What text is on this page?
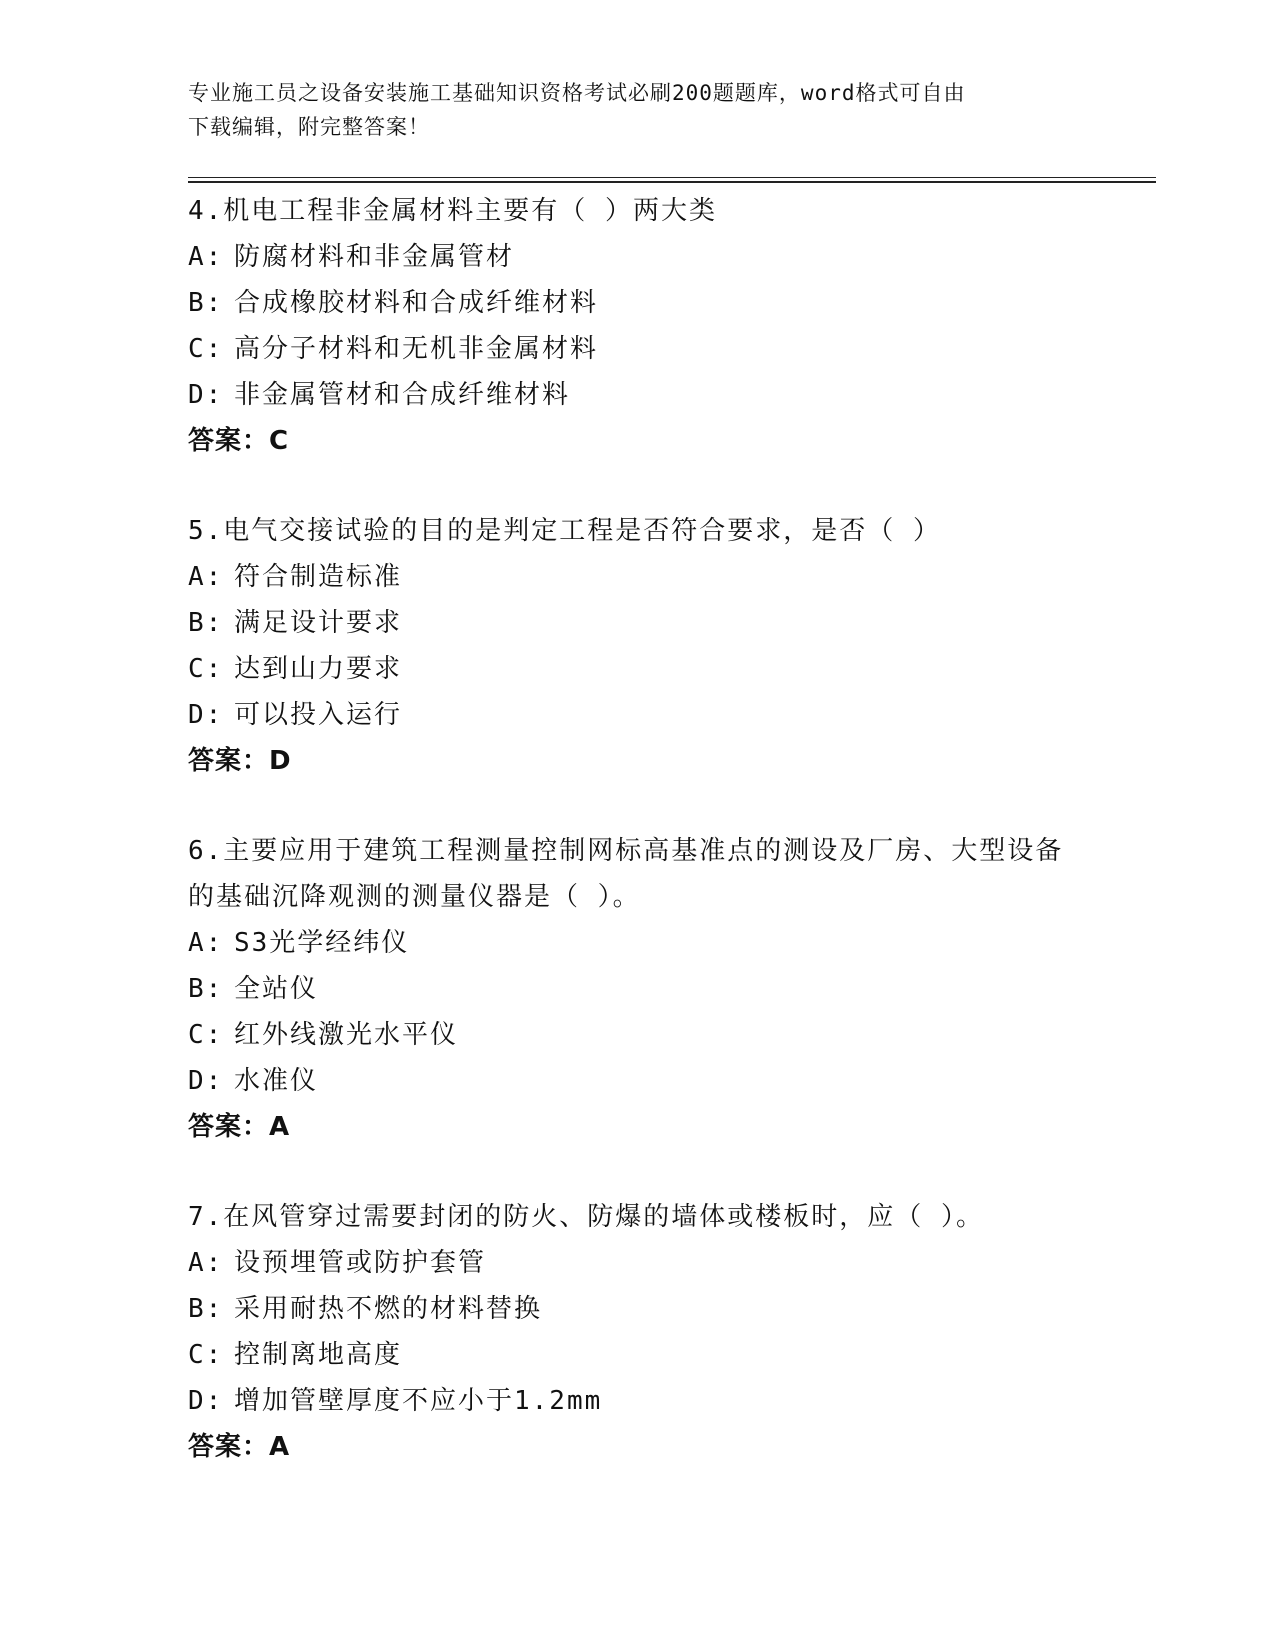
专业施工员之设备安装施工基础知识资格考试必刷200题题库，word格式可自由
下载编辑，附完整答案！
4.机电工程非金属材料主要有（ ）两大类
A: 防腐材料和非金属管材
B: 合成橡胶材料和合成纤维材料
C: 高分子材料和无机非金属材料
D: 非金属管材和合成纤维材料
答案：C
5.电气交接试验的目的是判定工程是否符合要求，是否（ ）
A: 符合制造标准
B: 满足设计要求
C: 达到山力要求
D: 可以投入运行
答案：D
6.主要应用于建筑工程测量控制网标高基准点的测设及厂房、大型设备的基础沉降观测的测量仪器是（ ）。
A: S3光学经纬仪
B: 全站仪
C: 红外线激光水平仪
D: 水准仪
答案：A
7.在风管穿过需要封闭的防火、防爆的墙体或楼板时，应（ ）。
A: 设预埋管或防护套管
B: 采用耐热不燃的材料替换
C: 控制离地高度
D: 增加管壁厚度不应小于1.2mm
答案：A
